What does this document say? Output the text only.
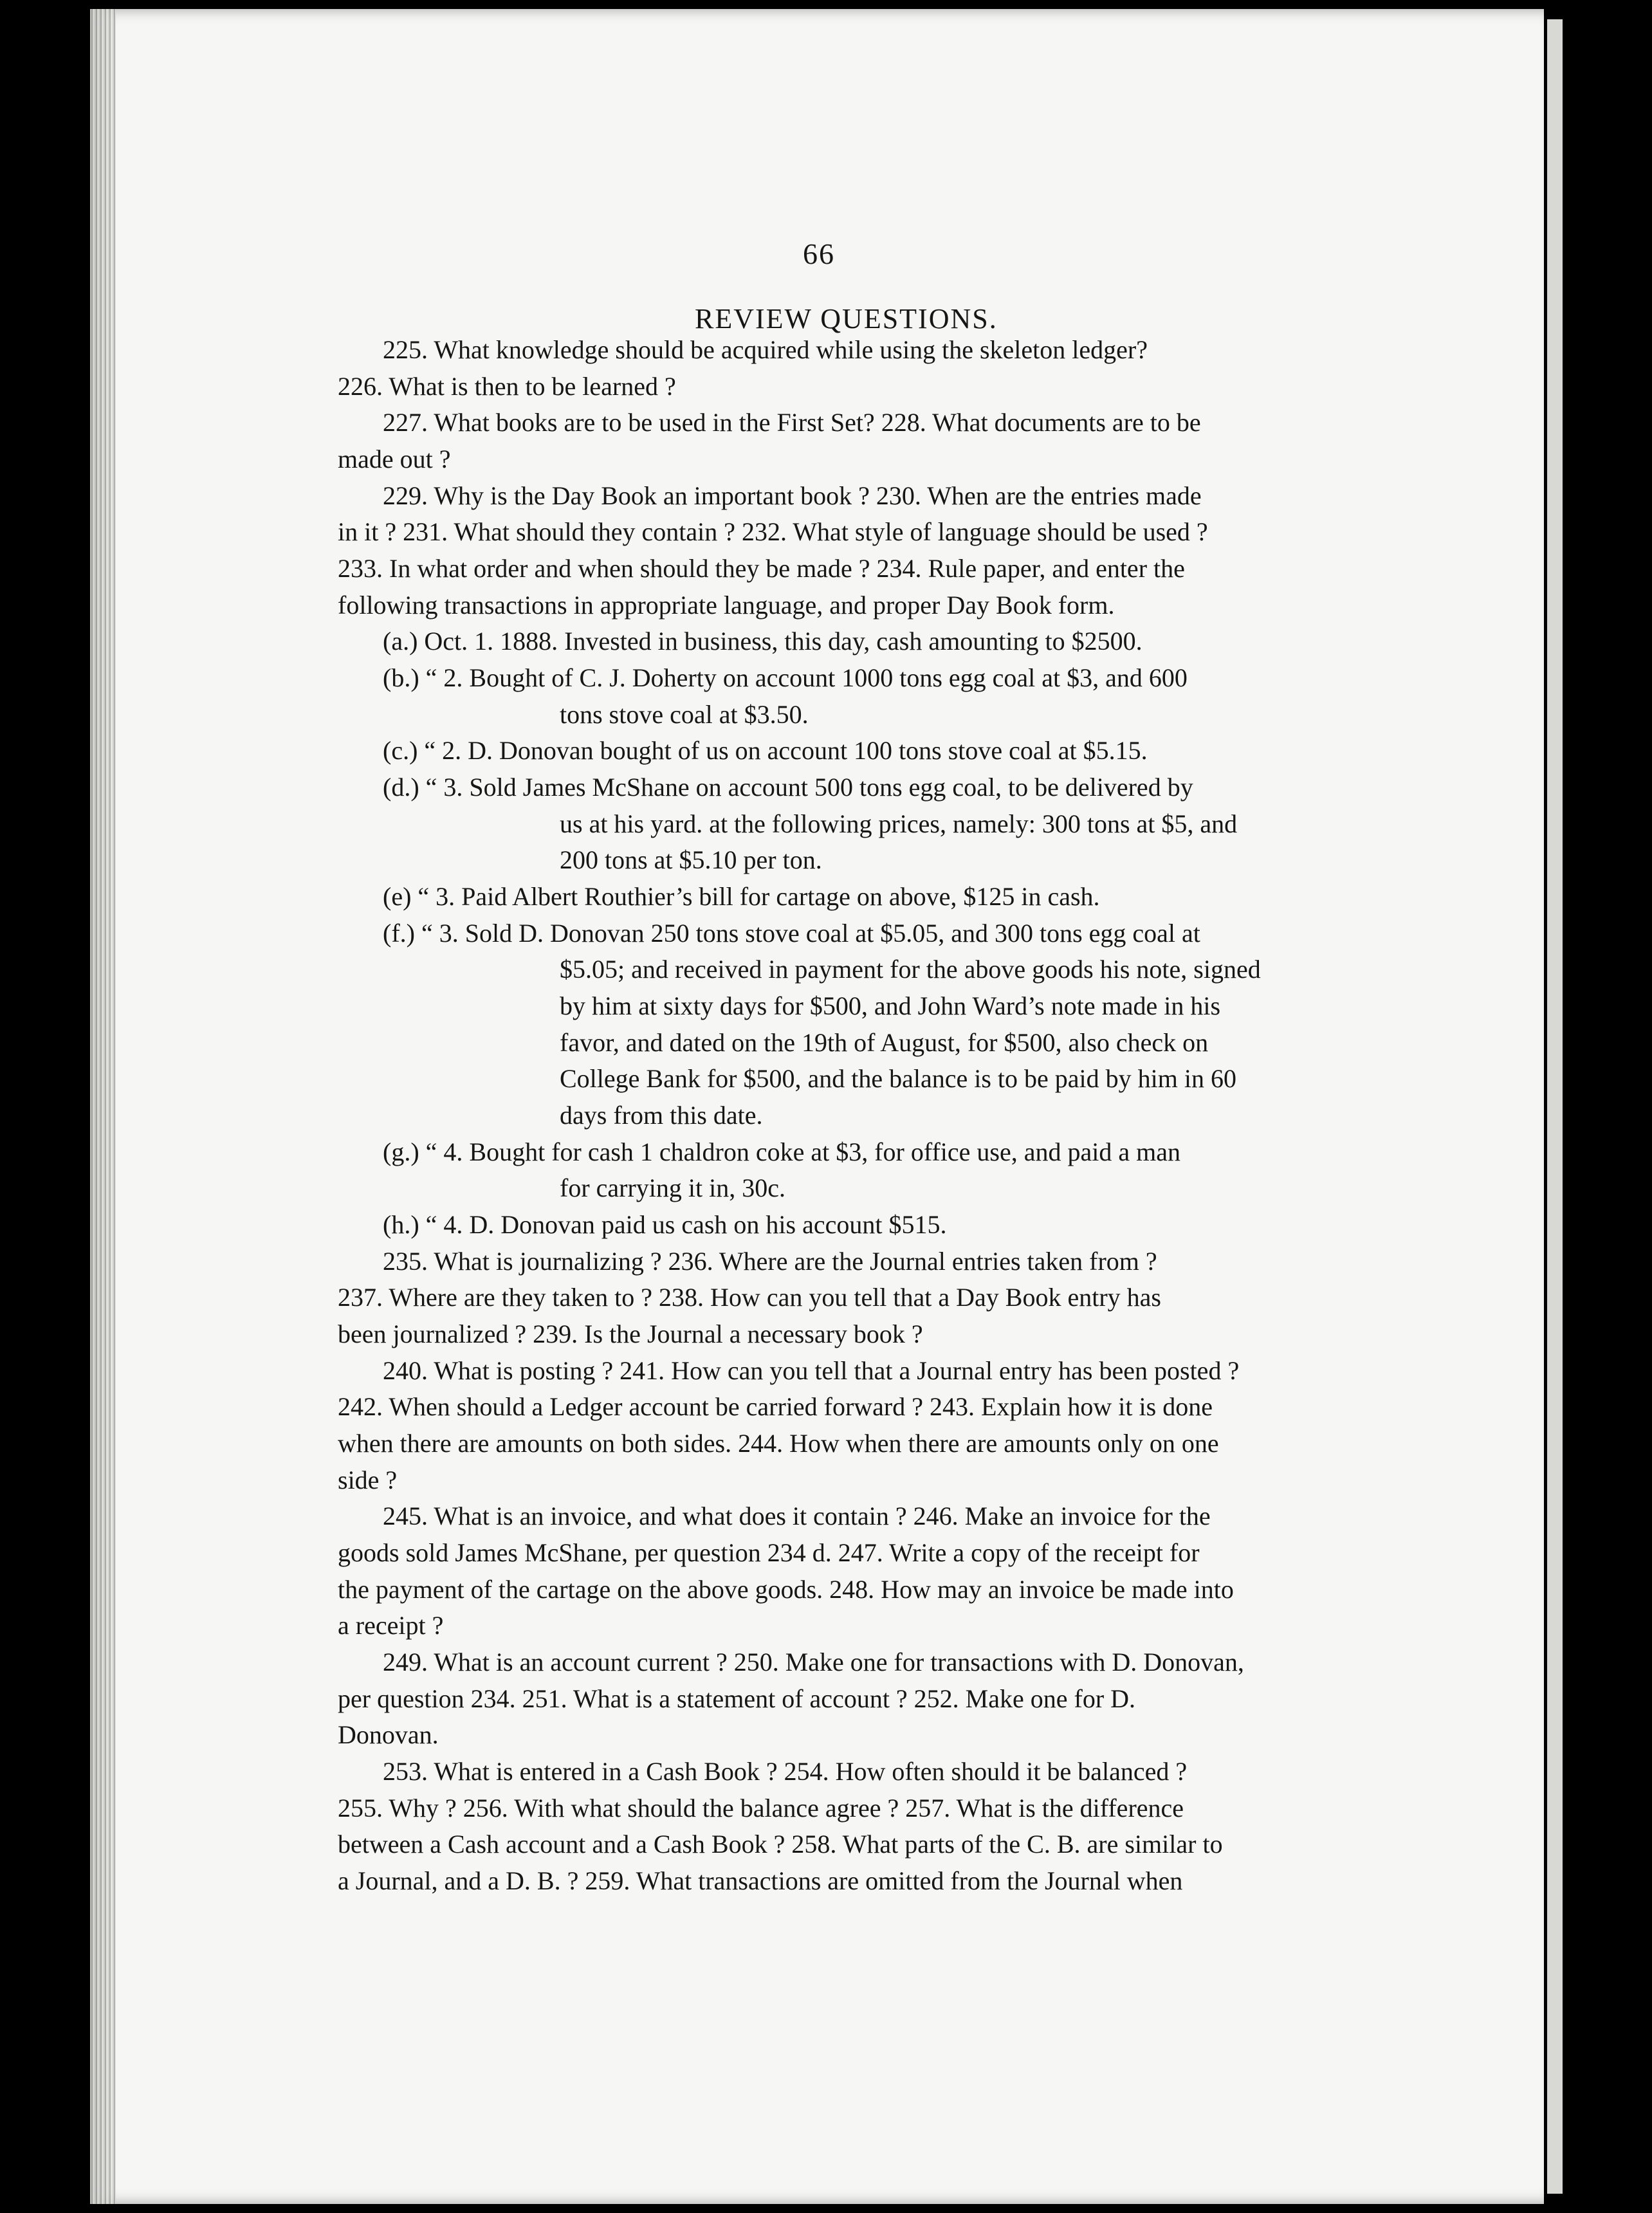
66
REVIEW QUESTIONS.
225. What knowledge should be acquired while using the skeleton ledger?
226. What is then to be learned ?
227. What books are to be used in the First Set? 228. What documents are to be
made out ?
229. Why is the Day Book an important book ? 230. When are the entries made
in it ? 231. What should they contain ? 232. What style of language should be used ?
233. In what order and when should they be made ? 234. Rule paper, and enter the
following transactions in appropriate language, and proper Day Book form.
(a.) Oct. 1. 1888. Invested in business, this day, cash amounting to $2500.
(b.) “ 2. Bought of C. J. Doherty on account 1000 tons egg coal at $3, and 600
tons stove coal at $3.50.
(c.) “ 2. D. Donovan bought of us on account 100 tons stove coal at $5.15.
(d.) “ 3. Sold James McShane on account 500 tons egg coal, to be delivered by
us at his yard. at the following prices, namely: 300 tons at $5, and
200 tons at $5.10 per ton.
(e) “ 3. Paid Albert Routhier’s bill for cartage on above, $125 in cash.
(f.) “ 3. Sold D. Donovan 250 tons stove coal at $5.05, and 300 tons egg coal at
$5.05; and received in payment for the above goods his note, signed
by him at sixty days for $500, and John Ward’s note made in his
favor, and dated on the 19th of August, for $500, also check on
College Bank for $500, and the balance is to be paid by him in 60
days from this date.
(g.) “ 4. Bought for cash 1 chaldron coke at $3, for office use, and paid a man
for carrying it in, 30c.
(h.) “ 4. D. Donovan paid us cash on his account $515.
235. What is journalizing ? 236. Where are the Journal entries taken from ?
237. Where are they taken to ? 238. How can you tell that a Day Book entry has
been journalized ? 239. Is the Journal a necessary book ?
240. What is posting ? 241. How can you tell that a Journal entry has been posted ?
242. When should a Ledger account be carried forward ? 243. Explain how it is done
when there are amounts on both sides. 244. How when there are amounts only on one
side ?
245. What is an invoice, and what does it contain ? 246. Make an invoice for the
goods sold James McShane, per question 234 d. 247. Write a copy of the receipt for
the payment of the cartage on the above goods. 248. How may an invoice be made into
a receipt ?
249. What is an account current ? 250. Make one for transactions with D. Donovan,
per question 234. 251. What is a statement of account ? 252. Make one for D.
Donovan.
253. What is entered in a Cash Book ? 254. How often should it be balanced ?
255. Why ? 256. With what should the balance agree ? 257. What is the difference
between a Cash account and a Cash Book ? 258. What parts of the C. B. are similar to
a Journal, and a D. B. ? 259. What transactions are omitted from the Journal when
